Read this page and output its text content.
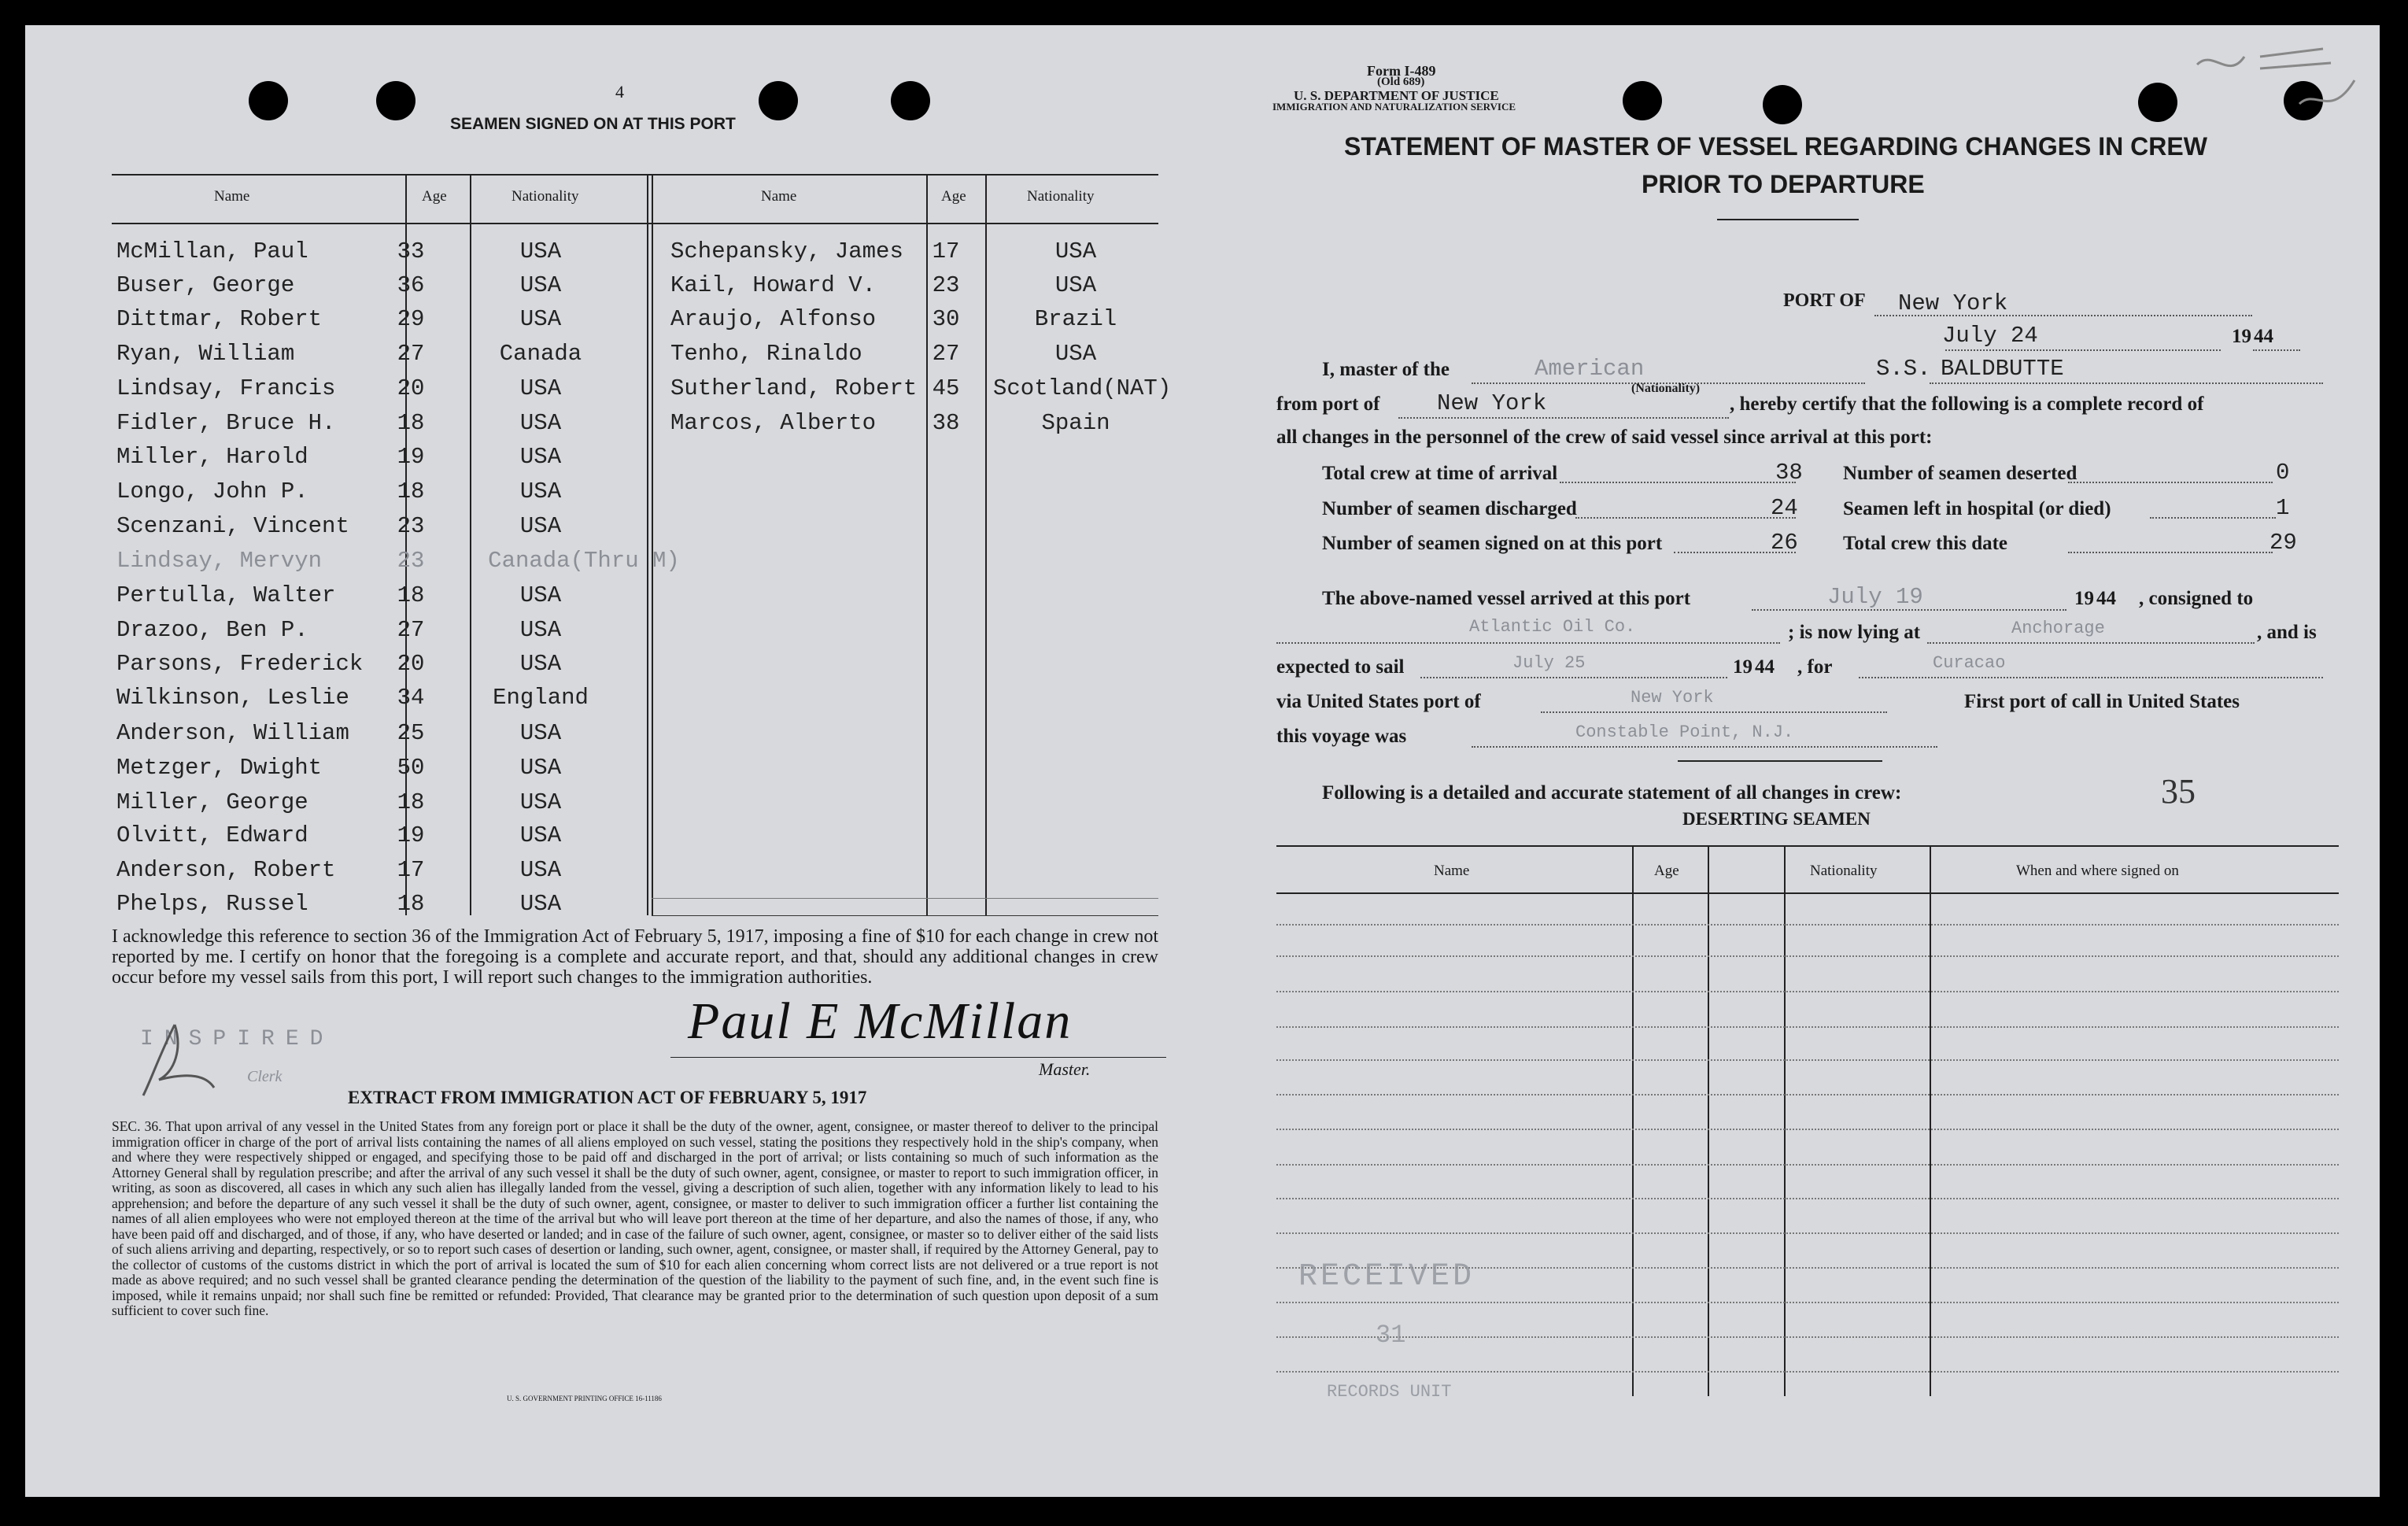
4
SEAMEN SIGNED ON AT THIS PORT
Form I-489
(Old 689)
U. S. DEPARTMENT OF JUSTICE
IMMIGRATION AND NATURALIZATION SERVICE
Name	Age	Nationality	Name	Age	Nationality
McMillan, Paul	33	USA	Schepansky, James	17	USA
Buser, George	36	USA	Kail, Howard V.	23	USA
Dittmar, Robert	29	USA	Araujo, Alfonso	30	Brazil
Ryan, William	27	Canada	Tenho, Rinaldo	27	USA
Lindsay, Francis	20	USA	Sutherland, Robert 45	Scotland(NAT)
Fidler, Bruce H.	18	USA	Marcos, Alberto	38	Spain
Miller, Harold	19	USA
Longo, John P.	18	USA
Scenzani, Vincent	23	USA
Lindsay, Mervyn	23	Canada(Thru M)
Pertulla, Walter	18	USA
Drazoo, Ben P.	27	USA
Parsons, Frederick	20	USA
Wilkinson, Leslie	34	England
Anderson, William	25	USA
Metzger, Dwight	50	USA
Miller, George	18	USA
Olvitt, Edward	19	USA
Anderson, Robert	17	USA
Phelps, Russel	18	USA
I acknowledge this reference to section 36 of the Immigration Act of February 5, 1917, imposing a fine of $10 for each change in crew not reported by me. I certify on honor that the foregoing is a complete and accurate report, and that, should any additional changes in crew occur before my vessel sails from this port, I will report such changes to the immigration authorities.
INSPIRED
Clerk
Paul E McMillan
Master.
EXTRACT FROM IMMIGRATION ACT OF FEBRUARY 5, 1917
SEC. 36. That upon arrival of any vessel in the United States from any foreign port or place it shall be the duty of the owner, agent, consignee, or master thereof to deliver to the principal immigration officer in charge of the port of arrival lists containing the names of all aliens employed on such vessel, stating the positions they respectively hold in the ship's company, when and where they were respectively shipped or engaged, and specifying those to be paid off and discharged in the port of arrival; or lists containing so much of such information as the Attorney General shall by regulation prescribe; and after the arrival of any such vessel it shall be the duty of such owner, agent, consignee, or master to report to such immigration officer, in writing, as soon as discovered, all cases in which any such alien has illegally landed from the vessel, giving a description of such alien, together with any information likely to lead to his apprehension; and before the departure of any such vessel it shall be the duty of such owner, agent, consignee, or master to deliver to such immigration officer a further list containing the names of all alien employees who were not employed thereon at the time of the arrival but who will leave port thereon at the time of her departure, and also the names of those, if any, who have been paid off and discharged, and of those, if any, who have deserted or landed; and in case of the failure of such owner, agent, consignee, or master so to deliver either of the said lists of such aliens arriving and departing, respectively, or so to report such cases of desertion or landing, such owner, agent, consignee, or master shall, if required by the Attorney General, pay to the collector of customs of the customs district in which the port of arrival is located the sum of $10 for each alien concerning whom correct lists are not delivered or a true report is not made as above required; and no such vessel shall be granted clearance pending the determination of the question of the liability to the payment of such fine, and, in the event such fine is imposed, while it remains unpaid; nor shall such fine be remitted or refunded: Provided, That clearance may be granted prior to the determination of such question upon deposit of a sum sufficient to cover such fine.
U. S. GOVERNMENT PRINTING OFFICE 16-11186
STATEMENT OF MASTER OF VESSEL REGARDING CHANGES IN CREW
PRIOR TO DEPARTURE
PORT OF New York
July 24	19 44
I, master of the	American
(Nationality)
S.S. BALDBUTTE
from port of	New York	, hereby certify that the following is a complete record of
all changes in the personnel of the crew of said vessel since arrival at this port:
Total crew at time of arrival	38 Number of seamen deserted	0
Number of seamen discharged	24 Seamen left in hospital (or died)	1
Number of seamen signed on at this port	26 Total crew this date	29
The above-named vessel arrived at this port	July 19	19 44 , consigned to
Atlantic Oil Co.	; is now lying at	Anchorage	, and is
expected to sail	July 25	19 44 , for	Curacao
via United States port of	New York	First port of call in United States
this voyage was	Constable Point, N.J.
Following is a detailed and accurate statement of all changes in crew:	35
DESERTING SEAMEN
Name	Age	Nationality	When and where signed on
RECEIVED
31
RECORDS UNIT
